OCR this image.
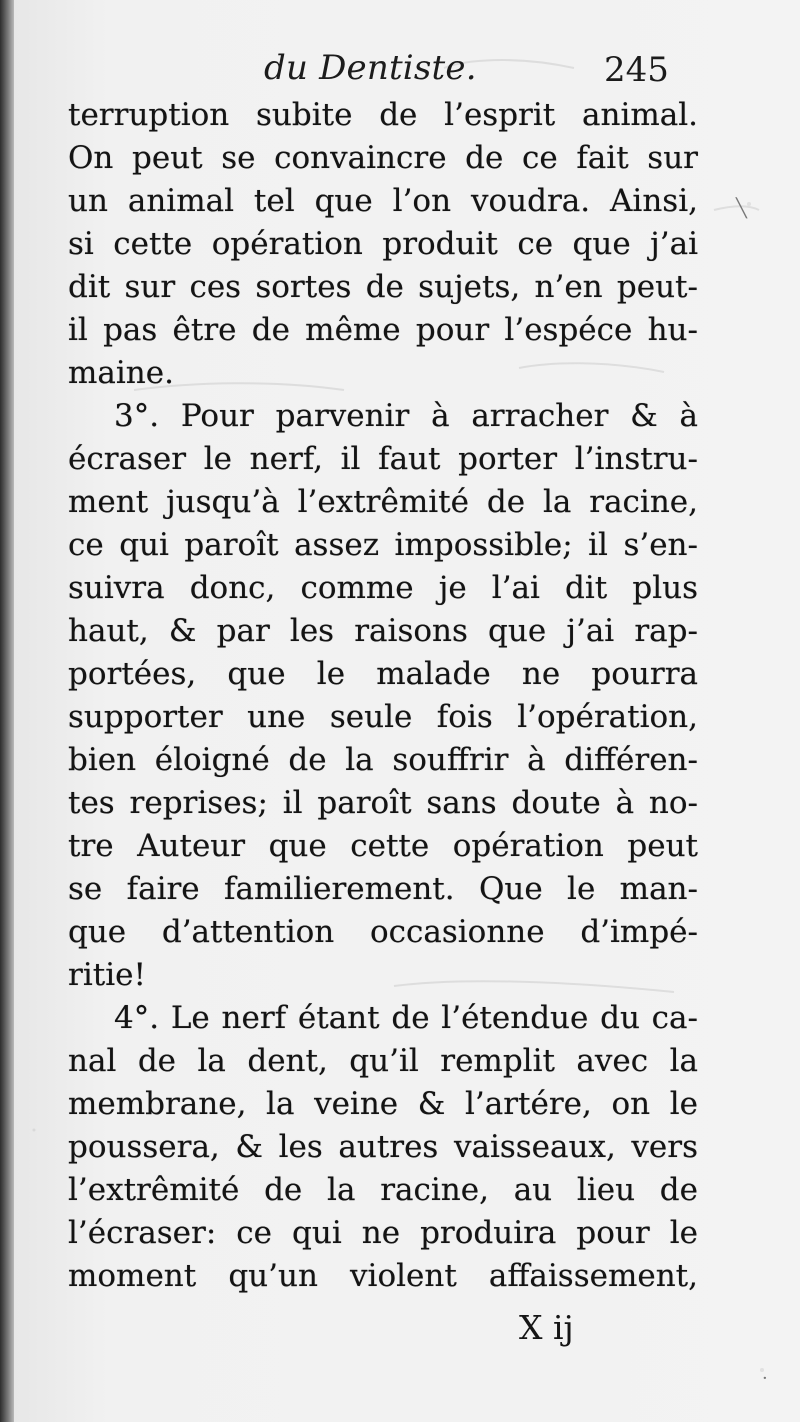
du Dentiste.	245
terruption subite de l’esprit animal.
On peut se convaincre de ce fait sur
un animal tel que l’on voudra. Ainsi,
si cette opération produit ce que j’ai
dit sur ces sortes de sujets, n’en peut-
il pas être de même pour l’espéce hu-
maine.
3°. Pour parvenir à arracher & à
écraser le nerf, il faut porter l’instru-
ment jusqu’à l’extrêmité de la racine,
ce qui paroît assez impossible; il s’en-
suivra donc, comme je l’ai dit plus
haut, & par les raisons que j’ai rap-
portées, que le malade ne pourra
supporter une seule fois l’opération,
bien éloigné de la souffrir à différen-
tes reprises; il paroît sans doute à no-
tre Auteur que cette opération peut
se faire familierement. Que le man-
que d’attention occasionne d’impé-
ritie!
4°. Le nerf étant de l’étendue du ca-
nal de la dent, qu’il remplit avec la
membrane, la veine & l’artére, on le
poussera, & les autres vaisseaux, vers
l’extrêmité de la racine, au lieu de
l’écraser: ce qui ne produira pour le
moment qu’un violent affaissement,
X ij
╲
·
